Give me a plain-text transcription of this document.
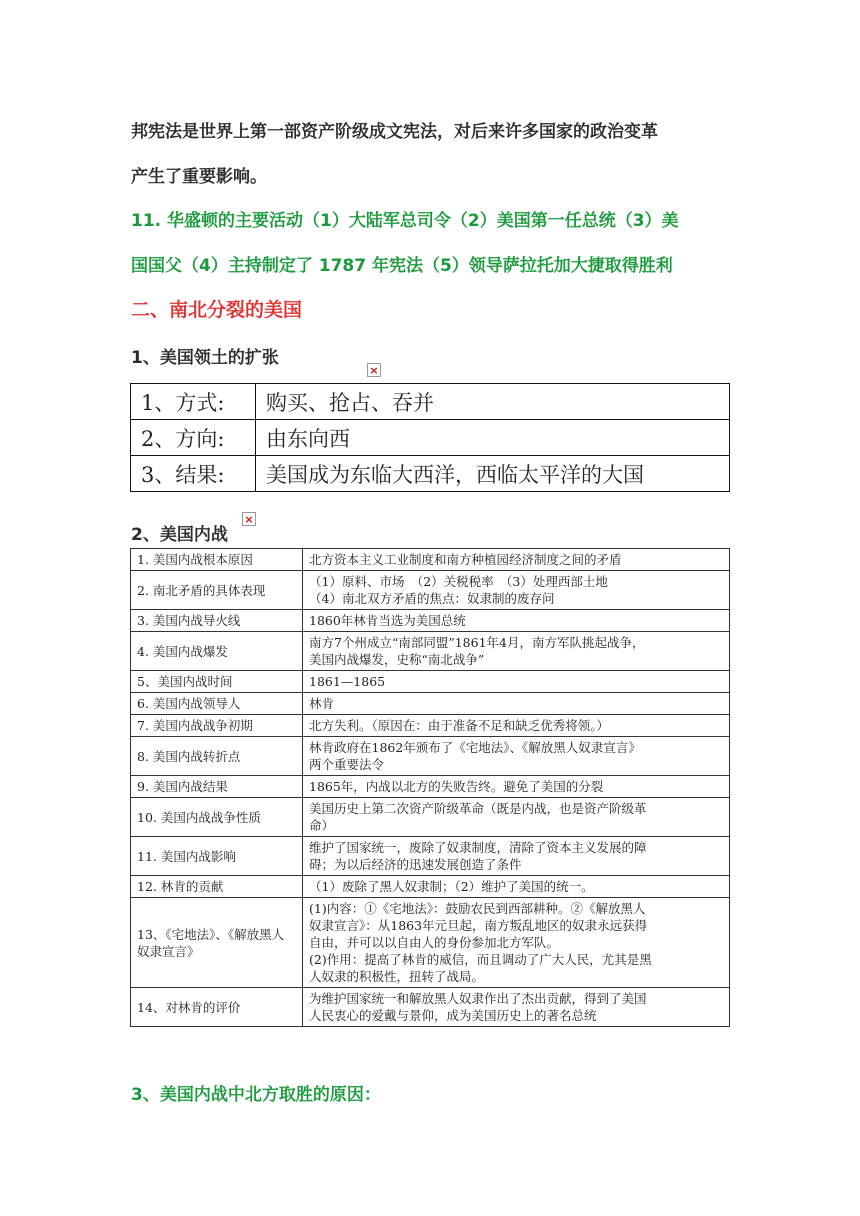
邦宪法是世界上第一部资产阶级成文宪法，对后来许多国家的政治变革
产生了重要影响。
11. 华盛顿的主要活动（1）大陆军总司令（2）美国第一任总统（3）美
国国父（4）主持制定了 1787 年宪法（5）领导萨拉托加大捷取得胜利
二、南北分裂的美国
1、美国领土的扩张
×
1、方式:	购买、抢占、吞并
2、方向:	由东向西
3、结果:	美国成为东临大西洋，西临太平洋的大国
2、美国内战
×
1. 美国内战根本原因	北方资本主义工业制度和南方种植园经济制度之间的矛盾

2. 南北矛盾的具体表现	（1）原料、市场　（2）关税税率　（3）处理西部土地
（4）南北双方矛盾的焦点：奴隶制的废存问

3. 美国内战导火线	1860年林肯当选为美国总统

4. 美国内战爆发	南方7个州成立“南部同盟”1861年4月，南方军队挑起战争，
美国内战爆发，史称“南北战争”

5、美国内战时间	1861—1865

6. 美国内战领导人	林肯

7. 美国内战战争初期	北方失利。（原因在：由于准备不足和缺乏优秀将领。）

8. 美国内战转折点	林肯政府在1862年颁布了《宅地法》、《解放黑人奴隶宣言》
两个重要法令

9. 美国内战结果	1865年，内战以北方的失败告终。避免了美国的分裂

10. 美国内战战争性质	美国历史上第二次资产阶级革命（既是内战，也是资产阶级革
命）

11. 美国内战影响	维护了国家统一，废除了奴隶制度，清除了资本主义发展的障
碍；为以后经济的迅速发展创造了条件

12. 林肯的贡献	（1）废除了黑人奴隶制；（2）维护了美国的统一。

13、《宅地法》、《解放黑人奴隶宣言》	(1)内容：①《宅地法》：鼓励农民到西部耕种。②《解放黑人
奴隶宣言》：从1863年元旦起，南方叛乱地区的奴隶永远获得
自由，并可以以自由人的身份参加北方军队。
(2)作用：提高了林肯的威信，而且调动了广大人民，尤其是黑
人奴隶的积极性，扭转了战局。

14、对林肯的评价	为维护国家统一和解放黑人奴隶作出了杰出贡献，得到了美国
人民衷心的爱戴与景仰，成为美国历史上的著名总统
3、美国内战中北方取胜的原因：
